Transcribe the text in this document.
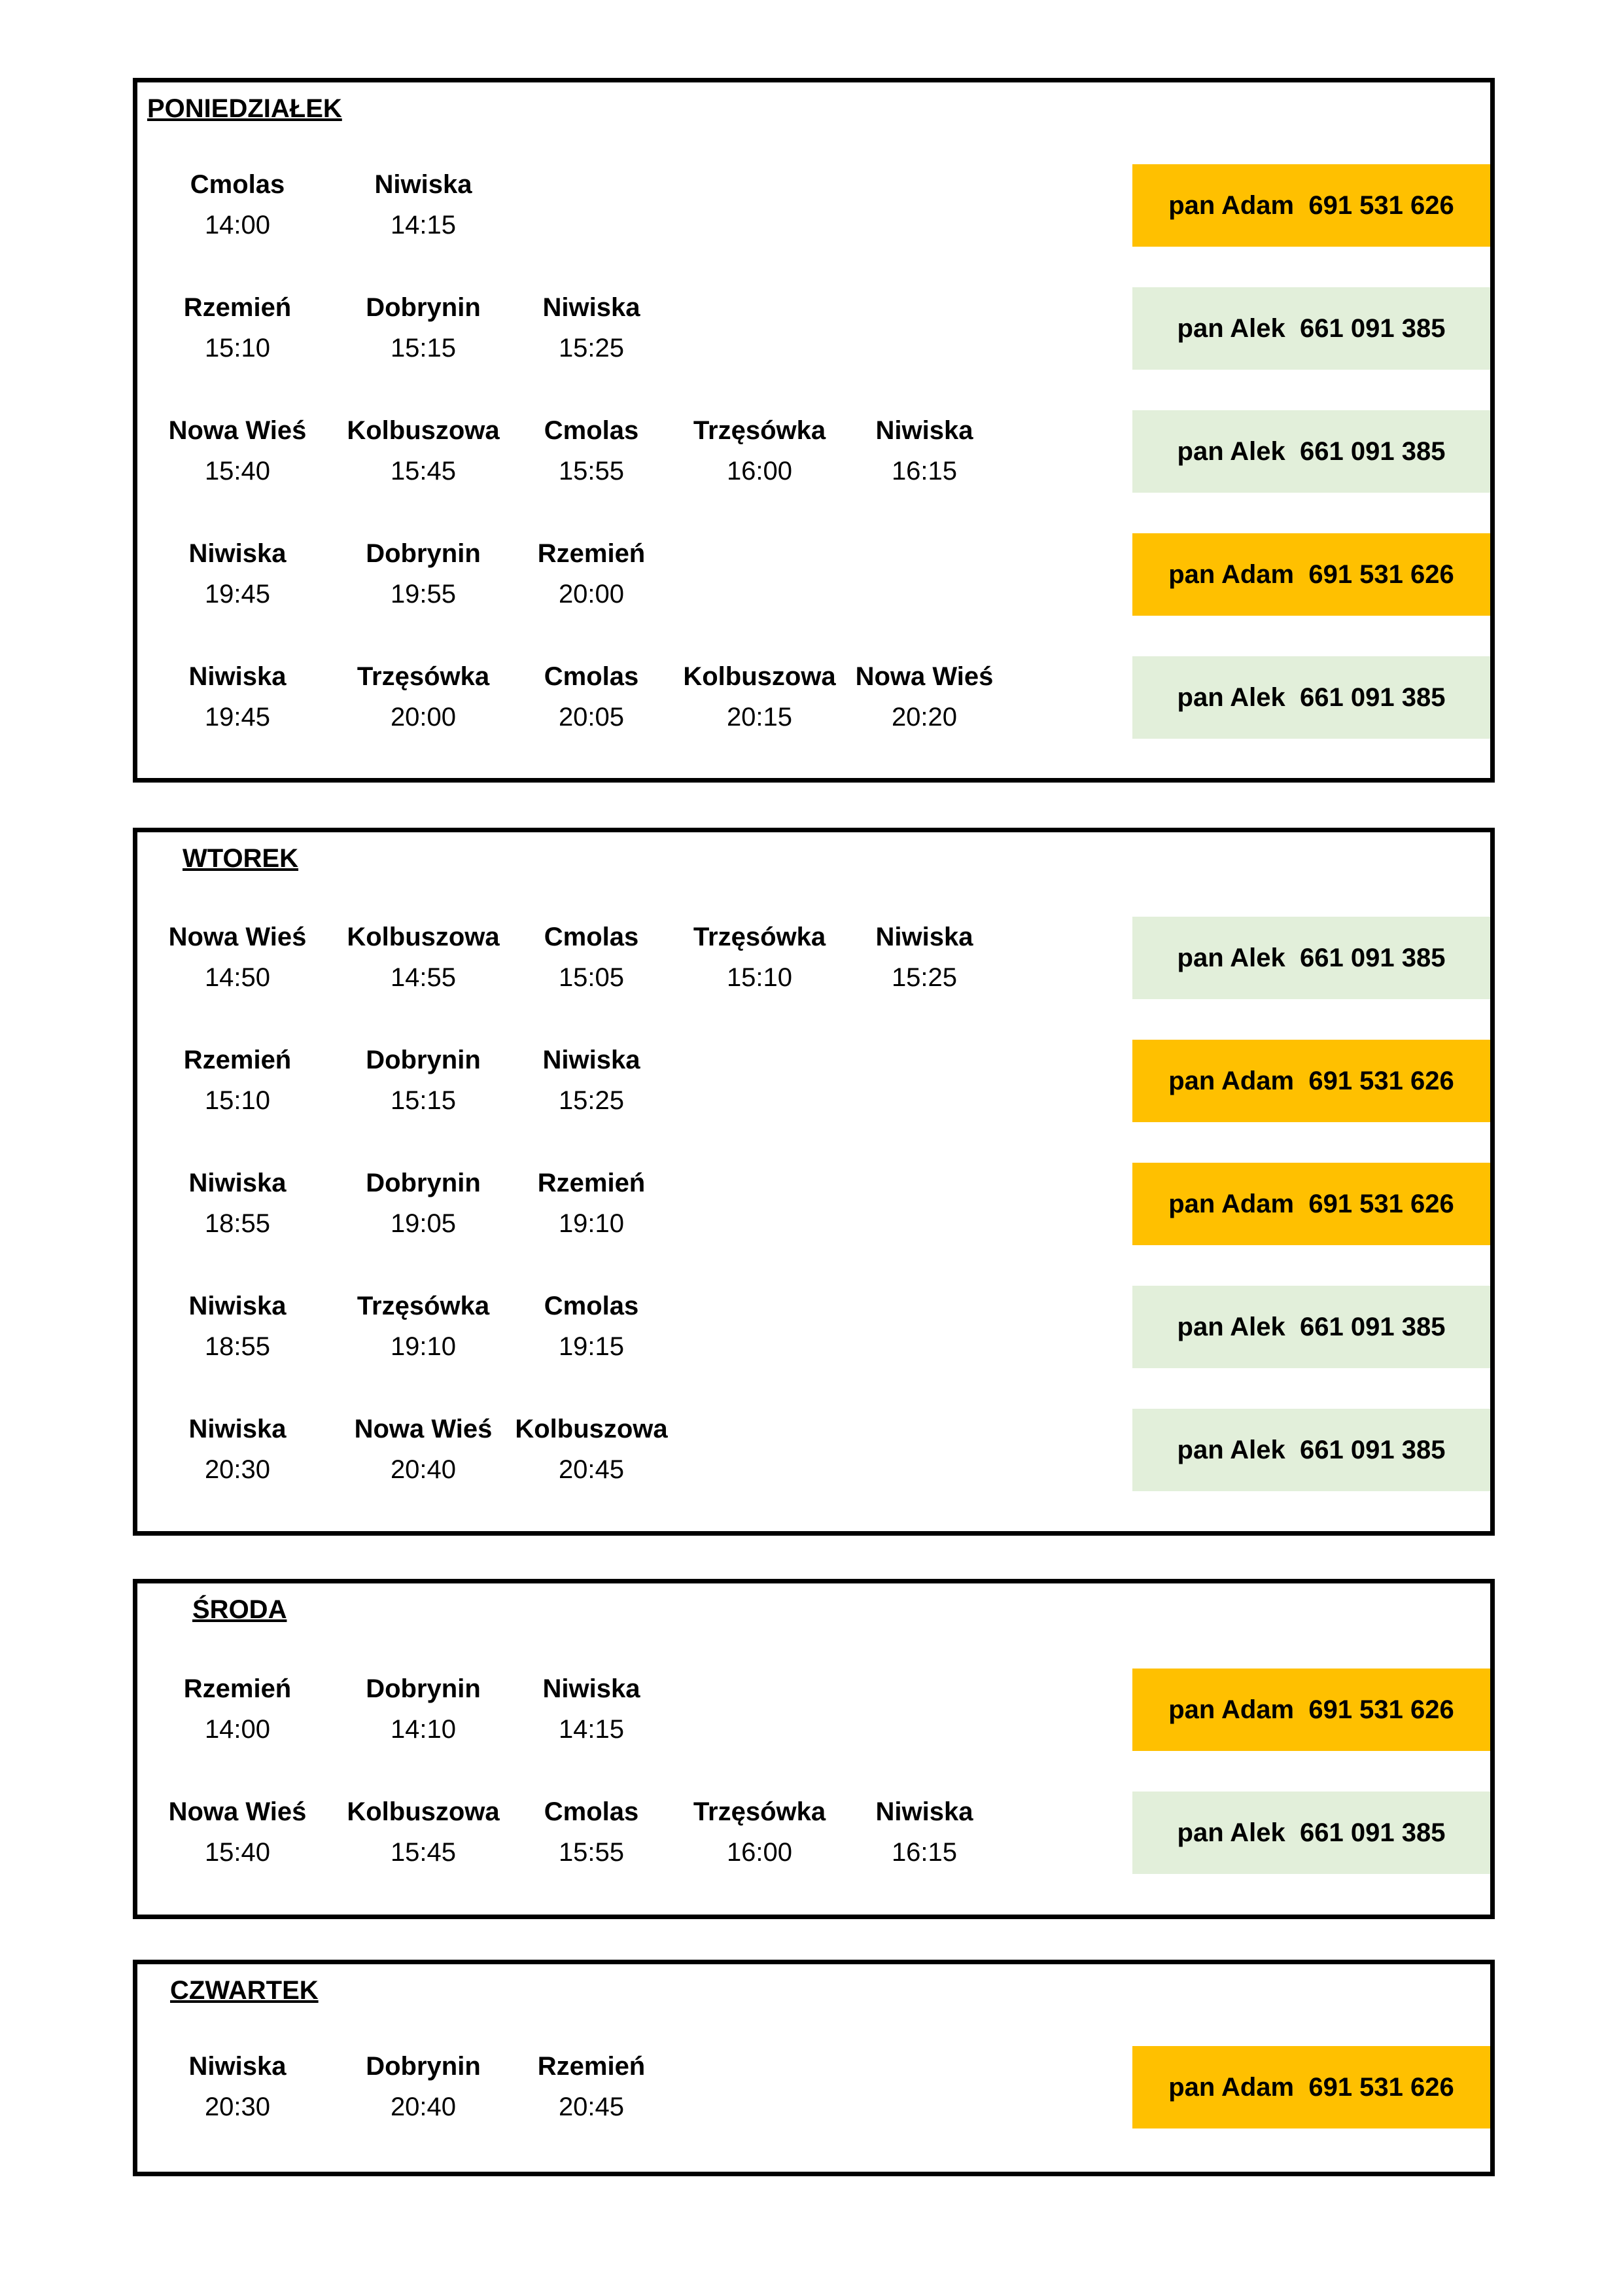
PONIEDZIAŁEK
Cmolas
14:00
Niwiska
14:15
pan Adam  691 531 626
Rzemień
15:10
Dobrynin
15:15
Niwiska
15:25
pan Alek  661 091 385
Nowa Wieś
15:40
Kolbuszowa
15:45
Cmolas
15:55
Trzęsówka
16:00
Niwiska
16:15
pan Alek  661 091 385
Niwiska
19:45
Dobrynin
19:55
Rzemień
20:00
pan Adam  691 531 626
Niwiska
19:45
Trzęsówka
20:00
Cmolas
20:05
Kolbuszowa
20:15
Nowa Wieś
20:20
pan Alek  661 091 385
WTOREK
Nowa Wieś
14:50
Kolbuszowa
14:55
Cmolas
15:05
Trzęsówka
15:10
Niwiska
15:25
pan Alek  661 091 385
Rzemień
15:10
Dobrynin
15:15
Niwiska
15:25
pan Adam  691 531 626
Niwiska
18:55
Dobrynin
19:05
Rzemień
19:10
pan Adam  691 531 626
Niwiska
18:55
Trzęsówka
19:10
Cmolas
19:15
pan Alek  661 091 385
Niwiska
20:30
Nowa Wieś
20:40
Kolbuszowa
20:45
pan Alek  661 091 385
ŚRODA
Rzemień
14:00
Dobrynin
14:10
Niwiska
14:15
pan Adam  691 531 626
Nowa Wieś
15:40
Kolbuszowa
15:45
Cmolas
15:55
Trzęsówka
16:00
Niwiska
16:15
pan Alek  661 091 385
CZWARTEK
Niwiska
20:30
Dobrynin
20:40
Rzemień
20:45
pan Adam  691 531 626
